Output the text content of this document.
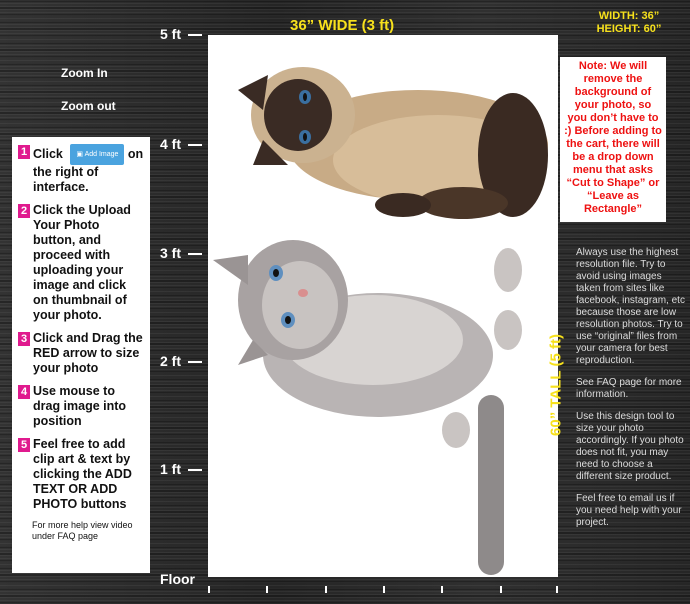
Zoom In
Zoom out
5 ft
4 ft
3 ft
2 ft
1 ft
Floor
36” WIDE (3 ft)
WIDTH: 36”
HEIGHT: 60”
Note: We will remove the background of your photo, so you don’t have to :) Before adding to the cart, there will be a drop down menu that asks “Cut to Shape” or “Leave as Rectangle”
60” TALL (5 ft)

Always use the highest resolution file. Try to avoid using images taken from sites like facebook, instagram, etc because those are low resolution photos. Try to use “original” files from your camera for best reproduction.

See FAQ page for more information.

Use this design tool to size your photo accordingly. If you photo does not fit, you may need to choose a different size product.

Feel free to email us if you need help with your project.

1 Click ▣ Add Image on the right of interface.
2 Click the Upload Your Photo button, and proceed with uploading your image and click on thumbnail of your photo.
3 Click and Drag the RED arrow to size your photo
4 Use mouse to drag image into position
5 Feel free to add clip art & text by clicking the ADD TEXT OR ADD PHOTO buttons
For more help view video under FAQ page
